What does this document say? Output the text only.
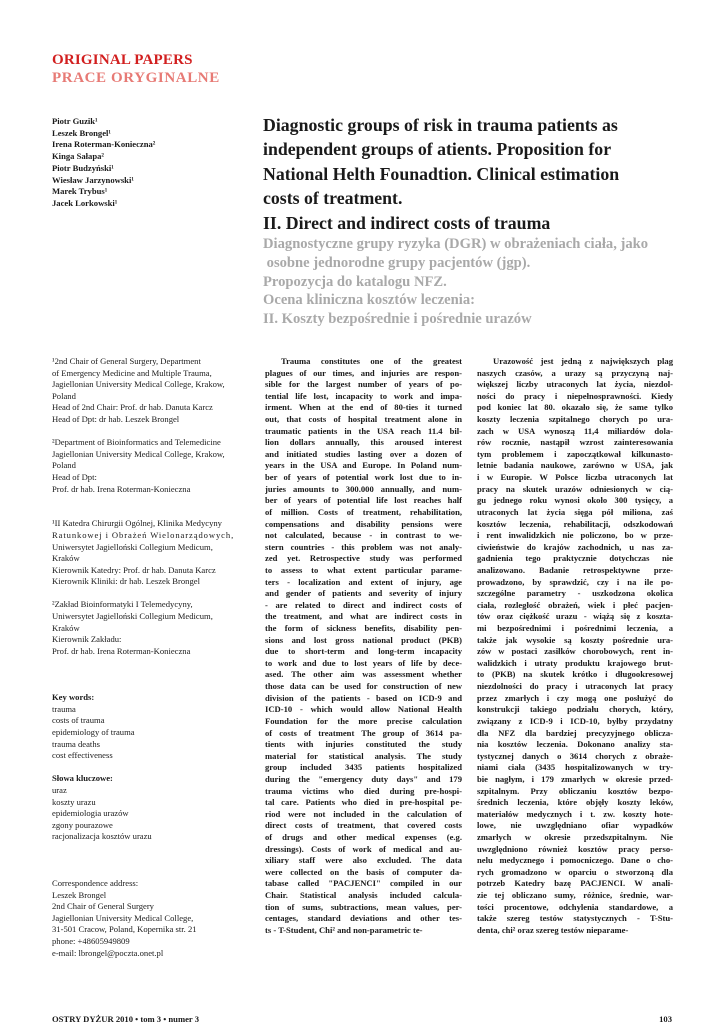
ORIGINAL PAPERS
PRACE ORYGINALNE
Piotr Guzik¹
Leszek Brongel¹
Irena Roterman-Konieczna²
Kinga Sałapa²
Piotr Budzyński¹
Wiesław Jarzynowski¹
Marek Trybus¹
Jacek Lorkowski¹
Diagnostic groups of risk in trauma patients as
independent groups of atients. Proposition for
National Helth Founadtion. Clinical estimation
costs of treatment.
II. Direct and indirect costs of trauma
Diagnostyczne grupy ryzyka (DGR) w obrażeniach ciała, jako
osobne jednorodne grupy pacjentów (jgp).
Propozycja do katalogu NFZ.
Ocena kliniczna kosztów leczenia:
II. Koszty bezpośrednie i pośrednie urazów
¹2nd Chair of General Surgery, Department
of Emergency Medicine and Multiple Trauma,
Jagiellonian University Medical College, Krakow,
Poland
Head of 2nd Chair: Prof. dr hab. Danuta Karcz
Head of Dpt: dr hab. Leszek Brongel
²Department of Bioinformatics and Telemedicine
Jagiellonian University Medical College, Krakow,
Poland
Head of Dpt:
Prof. dr hab. Irena Roterman-Konieczna
¹II Katedra Chirurgii Ogólnej, Klinika Medycyny
Ratunkowej i Obrażeń Wielonarządowych,
Uniwersytet Jagielloński Collegium Medicum,
Kraków
Kierownik Katedry: Prof. dr hab. Danuta Karcz
Kierownik Kliniki: dr hab. Leszek Brongel
²Zakład Bioinformatyki I Telemedycyny,
Uniwersytet Jagielloński Collegium Medicum,
Kraków
Kierownik Zakładu:
Prof. dr hab. Irena Roterman-Konieczna
Key words:
trauma
costs of trauma
epidemiology of trauma
trauma deaths
cost effectiveness
Słowa kluczowe:
uraz
koszty urazu
epidemiologia urazów
zgony pourazowe
racjonalizacja kosztów urazu
Correspondence address:
Leszek Brongel
2nd Chair of General Surgery
Jagiellonian University Medical College,
31-501 Cracow, Poland, Kopernika str. 21
phone: +48605949809
e-mail: lbrongel@poczta.onet.pl
Trauma constitutes one of the greatest
plagues of our times, and injuries are respon-
sible for the largest number of years of po-
tential life lost, incapacity to work and impa-
irment. When at the end of 80-ties it turned
out, that costs of hospital treatment alone in
traumatic patients in the USA reach 11.4 bil-
lion dollars annually, this aroused interest
and initiated studies lasting over a dozen of
years in the USA and Europe. In Poland num-
ber of years of potential work lost due to in-
juries amounts to 300.000 annually, and num-
ber of years of potential life lost reaches half
of million. Costs of treatment, rehabilitation,
compensations and disability pensions were
not calculated, because - in contrast to we-
stern countries - this problem was not analy-
zed yet. Retrospective study was performed
to assess to what extent particular parame-
ters - localization and extent of injury, age
and gender of patients and severity of injury
- are related to direct and indirect costs of
the treatment, and what are indirect costs in
the form of sickness benefits, disability pen-
sions and lost gross national product (PKB)
due to short-term and long-term incapacity
to work and due to lost years of life by dece-
ased. The other aim was assessment whether
those data can be used for construction of new
division of the patients - based on ICD-9 and
ICD-10 - which would allow National Health
Foundation for the more precise calculation
of costs of treatment The group of 3614 pa-
tients with injuries constituted the study
material for statistical analysis. The study
group included 3435 patients hospitalized
during the "emergency duty days" and 179
trauma victims who died during pre-hospi-
tal care. Patients who died in pre-hospital pe-
riod were not included in the calculation of
direct costs of treatment, that covered costs
of drugs and other medical expenses (e.g.
dressings). Costs of work of medical and au-
xiliary staff were also excluded. The data
were collected on the basis of computer da-
tabase called "PACJENCI" compiled in our
Chair. Statistical analysis included calcula-
tion of sums, subtractions, mean values, per-
centages, standard deviations and other tes-
ts - T-Student, Chi² and non-parametric te-
Urazowość jest jedną z największych plag
naszych czasów, a urazy są przyczyną naj-
większej liczby utraconych lat życia, niezdol-
ności do pracy i niepełnosprawności. Kiedy
pod koniec lat 80. okazało się, że same tylko
koszty leczenia szpitalnego chorych po ura-
zach w USA wynoszą 11,4 miliardów dola-
rów rocznie, nastąpił wzrost zainteresowania
tym problemem i zapoczątkował kilkunasto-
letnie badania naukowe, zarówno w USA, jak
i w Europie. W Polsce liczba utraconych lat
pracy na skutek urazów odniesionych w cią-
gu jednego roku wynosi około 300 tysięcy, a
utraconych lat życia sięga pół miliona, zaś
kosztów leczenia, rehabilitacji, odszkodowań
i rent inwalidzkich nie policzono, bo w prze-
ciwieństwie do krajów zachodnich, u nas za-
gadnienia tego praktycznie dotychczas nie
analizowano. Badanie retrospektywne prze-
prowadzono, by sprawdzić, czy i na ile po-
szczególne parametry - uszkodzona okolica
ciała, rozległość obrażeń, wiek i płeć pacjen-
tów oraz ciężkość urazu - wiążą się z koszta-
mi bezpośrednimi i pośrednimi leczenia, a
także jak wysokie są koszty pośrednie ura-
zów w postaci zasiłków chorobowych, rent in-
walidzkich i utraty produktu krajowego brut-
to (PKB) na skutek krótko i długookresowej
niezdolności do pracy i utraconych lat pracy
przez zmarłych i czy mogą one posłużyć do
konstrukcji takiego podziału chorych, który,
związany z ICD-9 i ICD-10, byłby przydatny
dla NFZ dla bardziej precyzyjnego oblicza-
nia kosztów leczenia. Dokonano analizy sta-
tystycznej danych o 3614 chorych z obraże-
niami ciała (3435 hospitalizowanych w try-
bie nagłym, i 179 zmarłych w okresie przed-
szpitalnym. Przy obliczaniu kosztów bezpo-
średnich leczenia, które objęły koszty leków,
materiałów medycznych i t. zw. koszty hote-
lowe, nie uwzględniano ofiar wypadków
zmarłych w okresie przedszpitalnym. Nie
uwzględniono również kosztów pracy perso-
nelu medycznego i pomocniczego. Dane o cho-
rych gromadzono w oparciu o stworzoną dla
potrzeb Katedry bazę PACJENCI. W anali-
zie tej obliczano sumy, różnice, średnie, war-
tości procentowe, odchylenia standardowe, a
także szereg testów statystycznych - T-Stu-
denta, chi² oraz szereg testów nieparame-
OSTRY DYŻUR 2010 • tom 3 • numer 3	103
